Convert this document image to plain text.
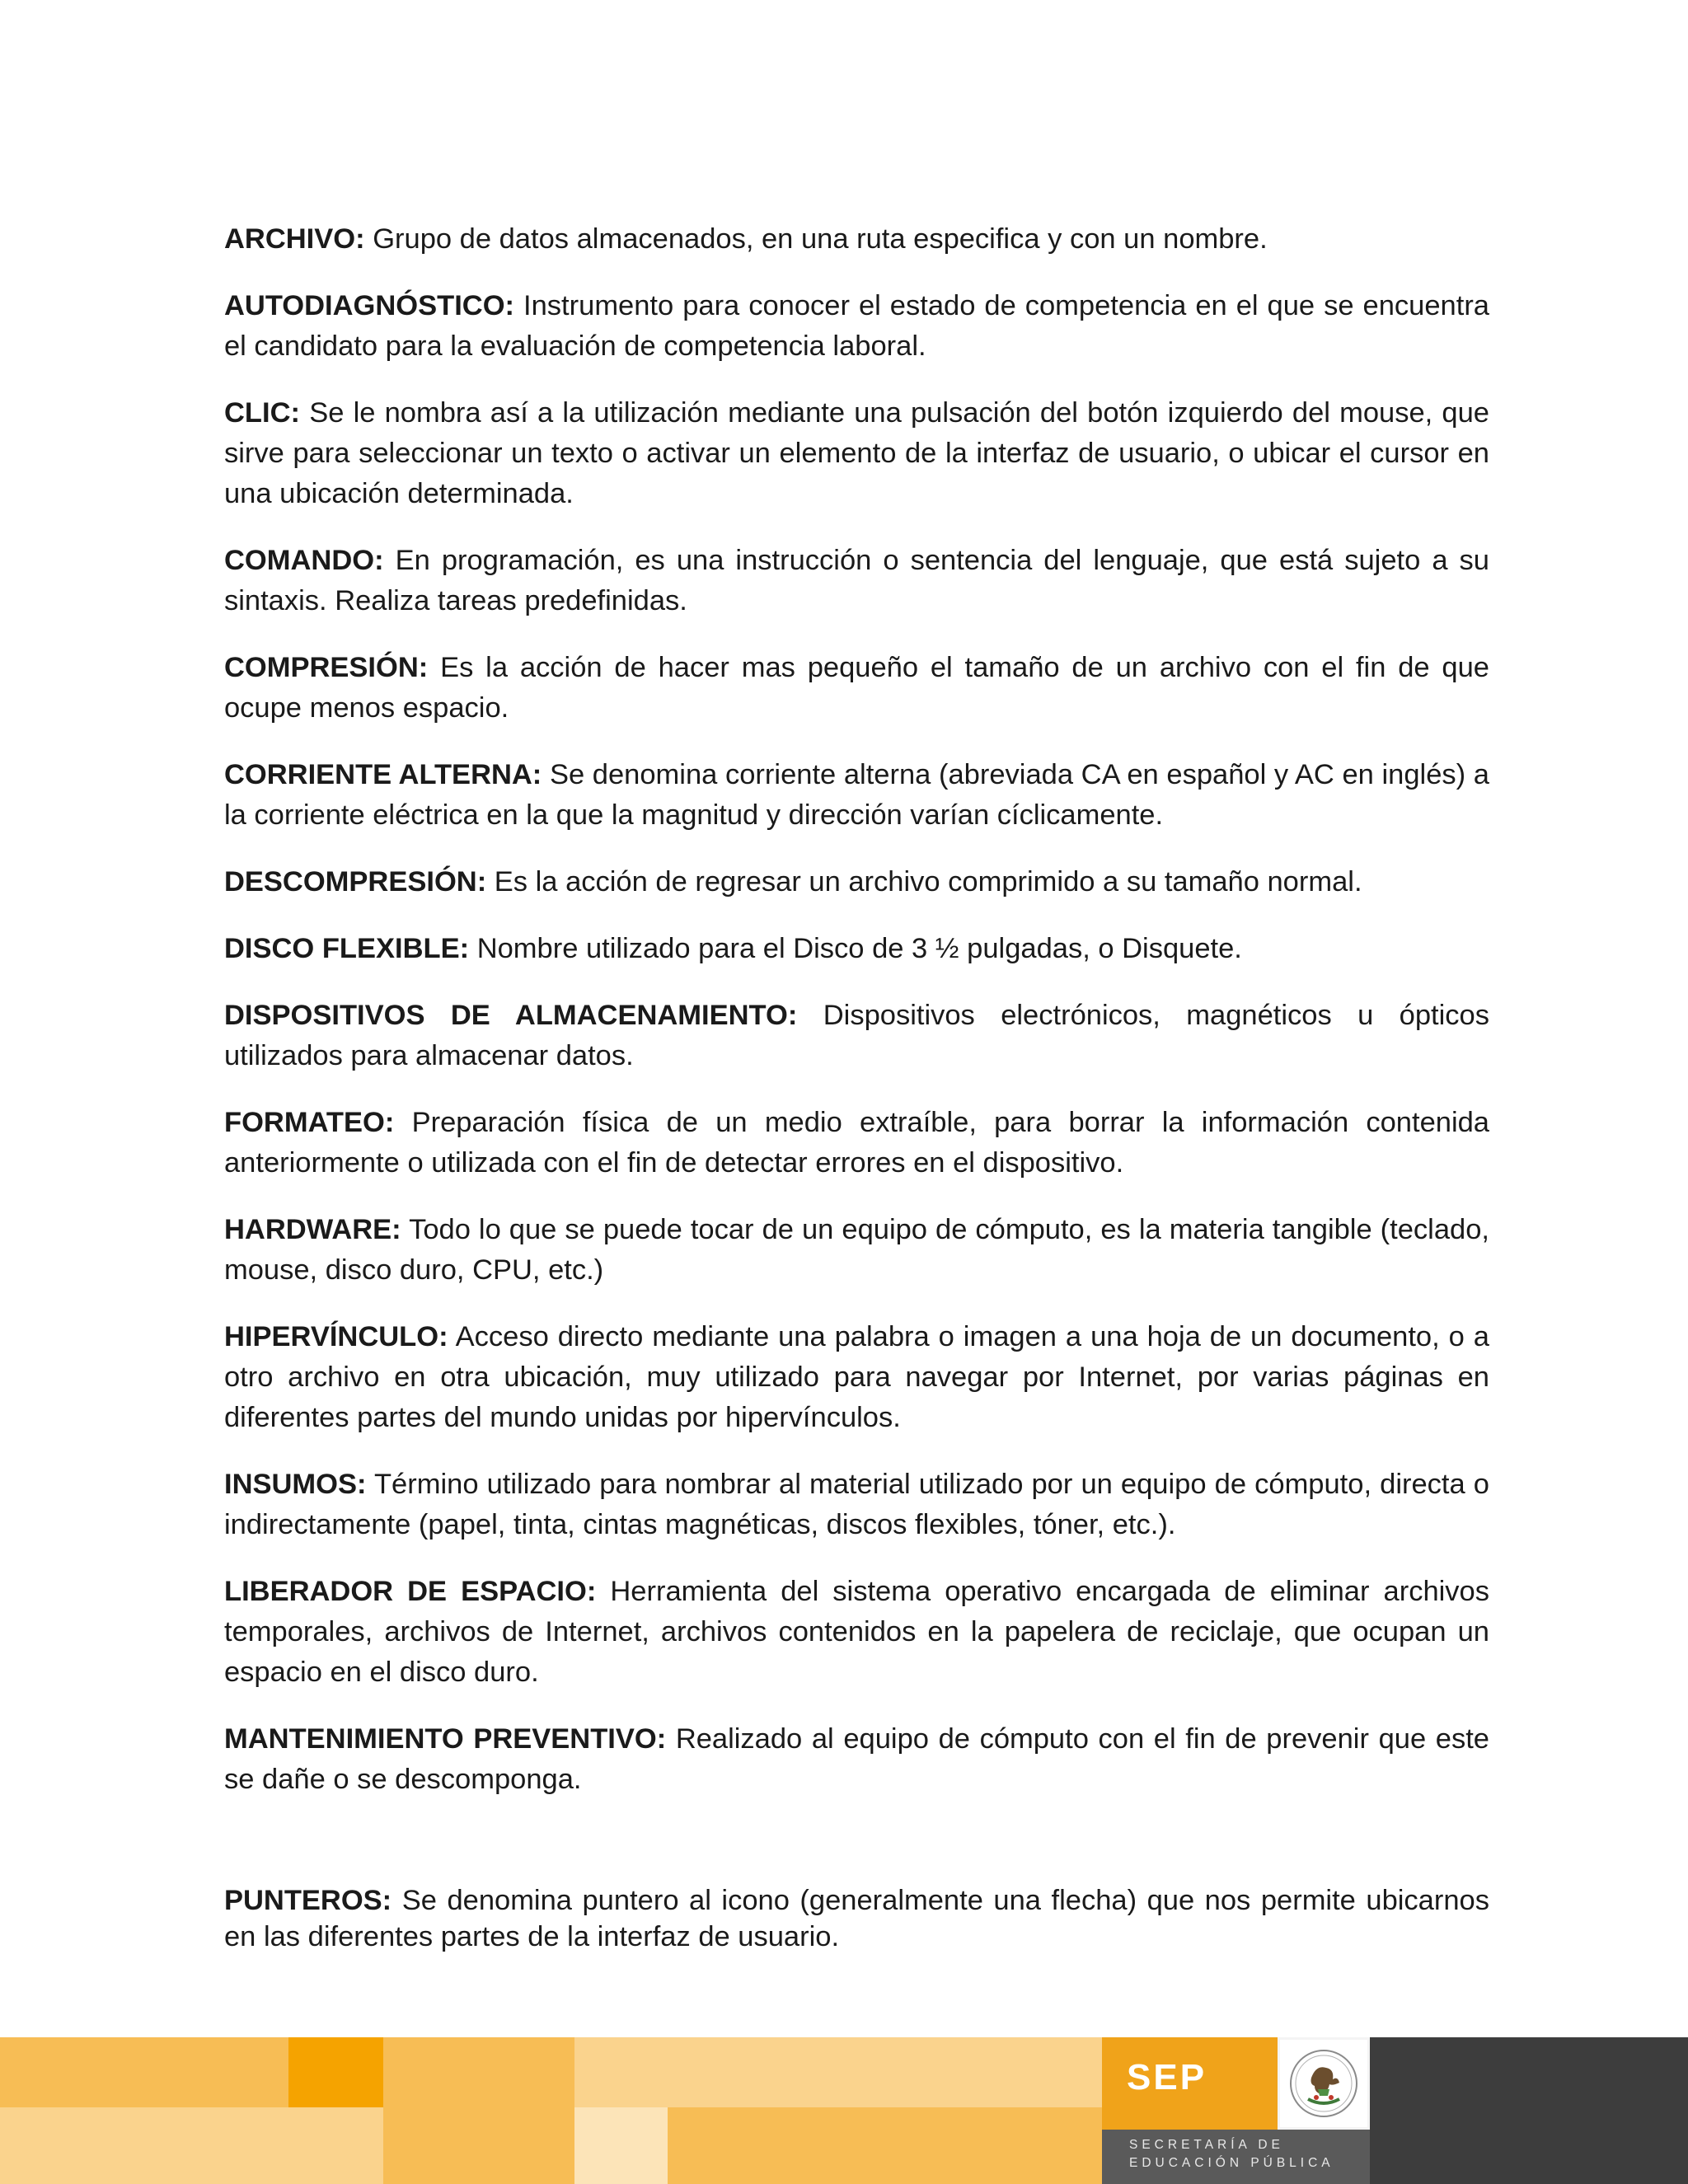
ARCHIVO: Grupo de datos almacenados, en una ruta especifica y con un nombre.

AUTODIAGNÓSTICO: Instrumento para conocer el estado de competencia en el que se encuentra el candidato para la evaluación de competencia laboral.

CLIC: Se le nombra así a la utilización mediante una pulsación del botón izquierdo del mouse, que sirve para seleccionar un texto o activar un elemento de la interfaz de usuario, o ubicar el cursor en una ubicación determinada.

COMANDO: En programación, es una instrucción o sentencia del lenguaje, que está sujeto a su sintaxis. Realiza tareas predefinidas.

COMPRESIÓN: Es la acción de hacer mas pequeño el tamaño de un archivo con el fin de que ocupe menos espacio.

CORRIENTE ALTERNA: Se denomina corriente alterna (abreviada CA en español y AC en inglés) a la corriente eléctrica en la que la magnitud y dirección varían cíclicamente.

DESCOMPRESIÓN: Es la acción de regresar un archivo comprimido a su tamaño normal.

DISCO FLEXIBLE: Nombre utilizado para el Disco de 3 ½ pulgadas, o Disquete.

DISPOSITIVOS DE ALMACENAMIENTO: Dispositivos electrónicos, magnéticos u ópticos utilizados para almacenar datos.

FORMATEO: Preparación física de un medio extraíble, para borrar la información contenida anteriormente o utilizada con el fin de detectar errores en el dispositivo.

HARDWARE: Todo lo que se puede tocar de un equipo de cómputo, es la materia tangible (teclado, mouse, disco duro, CPU, etc.)

HIPERVÍNCULO: Acceso directo mediante una palabra o imagen a una hoja de un documento, o a otro archivo en otra ubicación, muy utilizado para navegar por Internet, por varias páginas en diferentes partes del mundo unidas por hipervínculos.

INSUMOS: Término utilizado para nombrar al material utilizado por un equipo de cómputo, directa o indirectamente (papel, tinta, cintas magnéticas, discos flexibles, tóner, etc.).

LIBERADOR DE ESPACIO: Herramienta del sistema operativo encargada de eliminar archivos temporales, archivos de Internet, archivos contenidos en la papelera de reciclaje, que ocupan un espacio en el disco duro.

MANTENIMIENTO PREVENTIVO: Realizado al equipo de cómputo con el fin de prevenir que este se dañe o se descomponga.

PUNTEROS: Se denomina puntero al icono (generalmente una flecha) que nos permite ubicarnos en las diferentes partes de la interfaz de usuario.

SEP
SECRETARÍA DE
EDUCACIÓN PÚBLICA
